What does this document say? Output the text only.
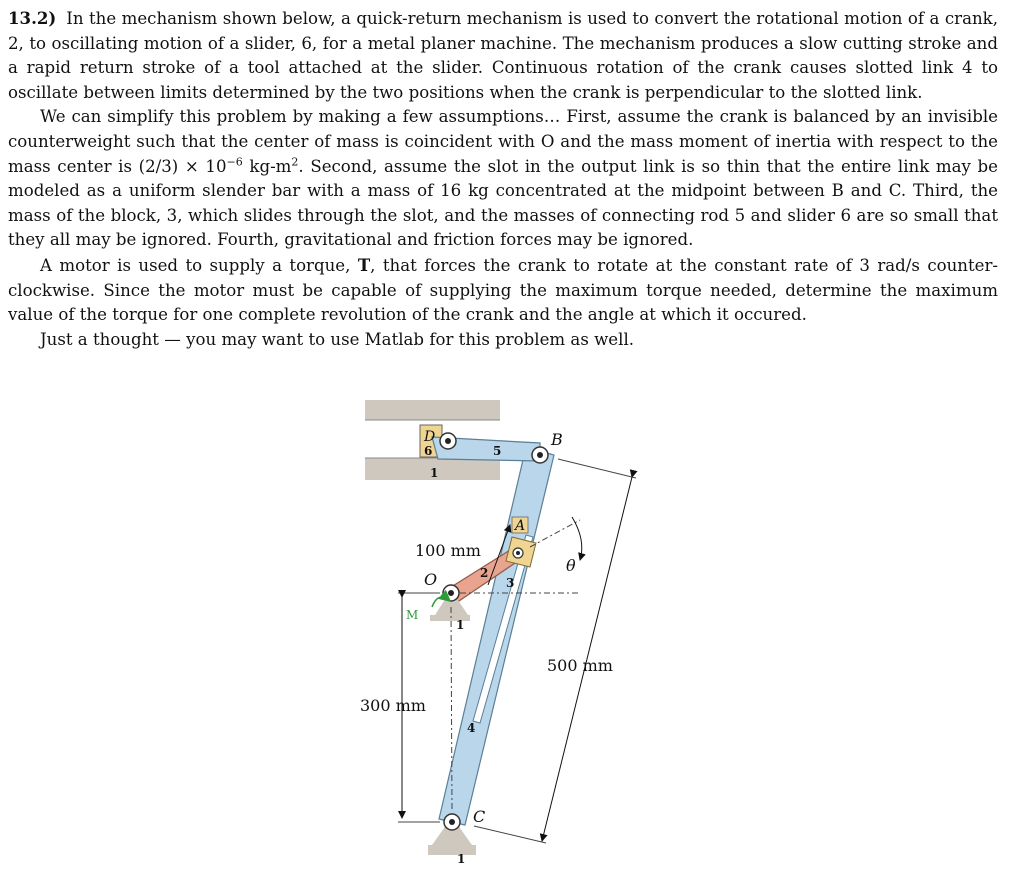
13.2) In the mechanism shown below, a quick-return mechanism is used to convert the rotational motion of a crank, 2, to oscillating motion of a slider, 6, for a metal planer machine. The mechanism produces a slow cutting stroke and a rapid return stroke of a tool attached at the slider. Continuous rotation of the crank causes slotted link 4 to oscillate between limits determined by the two positions when the crank is perpendicular to the slotted link.

We can simplify this problem by making a few assumptions… First, assume the crank is balanced by an invisible counterweight such that the center of mass is coincident with O and the mass moment of inertia with respect to the mass center is $(2/3) \times 10^{-6}$ $kg-m^2$. Second, assume the slot in the output link is so thin that the entire link may be modeled as a uniform slender bar with a mass of 16 kg concentrated at the midpoint between B and C. Third, the mass of the block, 3, which slides through the slot, and the masses of connecting rod 5 and slider 6 are so small that they all may be ignored. Fourth, gravitational and friction forces may be ignored.

A motor is used to supply a torque, T, that forces the crank to rotate at the constant rate of 3 rad/s counter-clockwise. Since the motor must be capable of supplying the maximum torque needed, determine the maximum value of the torque for one complete revolution of the crank and the angle at which it occured.

Just a thought — you may want to use Matlab for this problem as well.

D
6
1
5
B
A
100 mm
θ
O	2
3
M
1
500 mm
300 mm
4
C
1
